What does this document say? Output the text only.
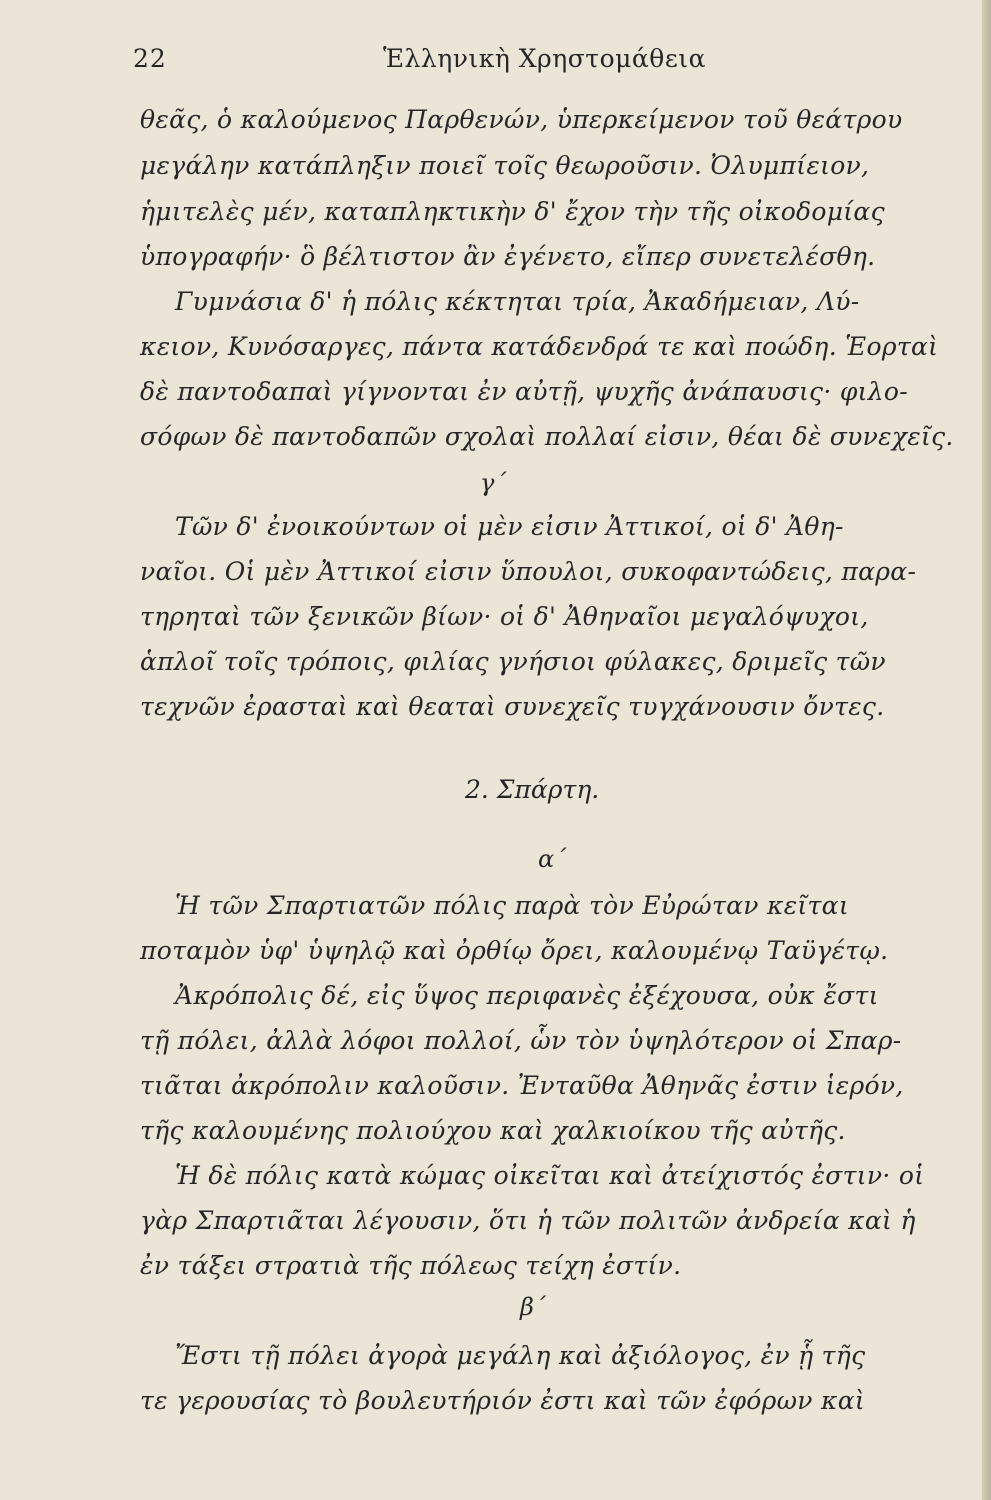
22	Ἑλληνικὴ Χρηστομάθεια
θεᾶς, ὁ καλούμενος Παρθενών, ὑπερκείμενον τοῦ θεάτρου
μεγάλην κατάπληξιν ποιεῖ τοῖς θεωροῦσιν. Ὀλυμπίειον,
ἡμιτελὲς μέν, καταπληκτικὴν δ' ἔχον τὴν τῆς οἰκοδομίας
ὑπογραφήν· ὃ βέλτιστον ἂν ἐγένετο, εἴπερ συνετελέσθη.
Γυμνάσια δ' ἡ πόλις κέκτηται τρία, Ἀκαδήμειαν, Λύ-
κειον, Κυνόσαργες, πάντα κατάδενδρά τε καὶ ποώδη. Ἑορταὶ
δὲ παντοδαπαὶ γίγνονται ἐν αὐτῇ, ψυχῆς ἀνάπαυσις· φιλο-
σόφων δὲ παντοδαπῶν σχολαὶ πολλαί εἰσιν, θέαι δὲ συνεχεῖς.
γ΄
Τῶν δ' ἐνοικούντων οἱ μὲν εἰσιν Ἀττικοί, οἱ δ' Ἀθη-
ναῖοι. Οἱ μὲν Ἀττικοί εἰσιν ὕπουλοι, συκοφαντώδεις, παρα-
τηρηταὶ τῶν ξενικῶν βίων· οἱ δ' Ἀθηναῖοι μεγαλόψυχοι,
ἁπλοῖ τοῖς τρόποις, φιλίας γνήσιοι φύλακες, δριμεῖς τῶν
τεχνῶν ἐρασταὶ καὶ θεαταὶ συνεχεῖς τυγχάνουσιν ὄντες.
2. Σπάρτη.
α΄
Ἡ τῶν Σπαρτιατῶν πόλις παρὰ τὸν Εὐρώταν κεῖται
ποταμὸν ὑφ' ὑψηλῷ καὶ ὀρθίῳ ὄρει, καλουμένῳ Ταϋγέτῳ.
Ἀκρόπολις δέ, εἰς ὕψος περιφανὲς ἐξέχουσα, οὐκ ἔστι
τῇ πόλει, ἀλλὰ λόφοι πολλοί, ὧν τὸν ὑψηλότερον οἱ Σπαρ-
τιᾶται ἀκρόπολιν καλοῦσιν. Ἐνταῦθα Ἀθηνᾶς ἐστιν ἱερόν,
τῆς καλουμένης πολιούχου καὶ χαλκιοίκου τῆς αὐτῆς.
Ἡ δὲ πόλις κατὰ κώμας οἰκεῖται καὶ ἀτείχιστός ἐστιν· οἱ
γὰρ Σπαρτιᾶται λέγουσιν, ὅτι ἡ τῶν πολιτῶν ἀνδρεία καὶ ἡ
ἐν τάξει στρατιὰ τῆς πόλεως τείχη ἐστίν.
β΄
Ἔστι τῇ πόλει ἀγορὰ μεγάλη καὶ ἀξιόλογος, ἐν ᾗ τῆς
τε γερουσίας τὸ βουλευτήριόν ἐστι καὶ τῶν ἐφόρων καὶ
